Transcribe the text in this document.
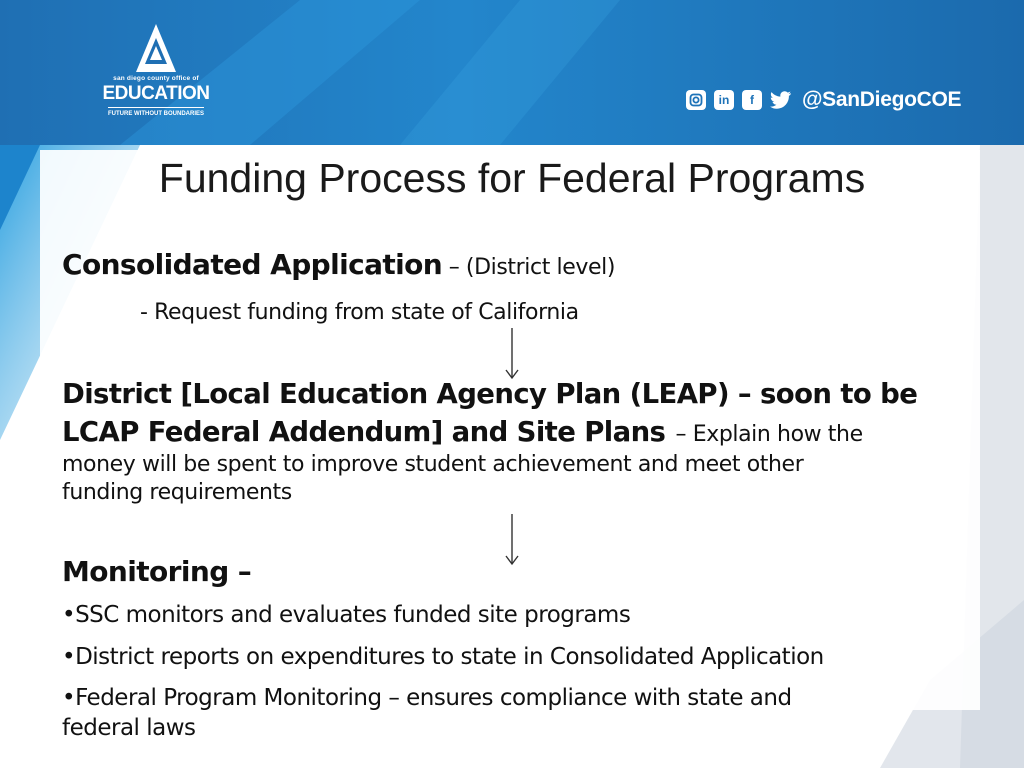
san diego county office of
EDUCATION
FUTURE WITHOUT BOUNDARIES
in	f	@SanDiegoCOE
Funding Process for Federal Programs
Consolidated Application – (District level)
- Request funding from state of California
District [Local Education Agency Plan (LEAP) – soon to be
LCAP Federal Addendum] and Site Plans – Explain how the
money will be spent to improve student achievement and meet other
funding requirements
Monitoring –
•SSC monitors and evaluates funded site programs
•District reports on expenditures to state in Consolidated Application
•Federal Program Monitoring – ensures compliance with state and
federal laws
